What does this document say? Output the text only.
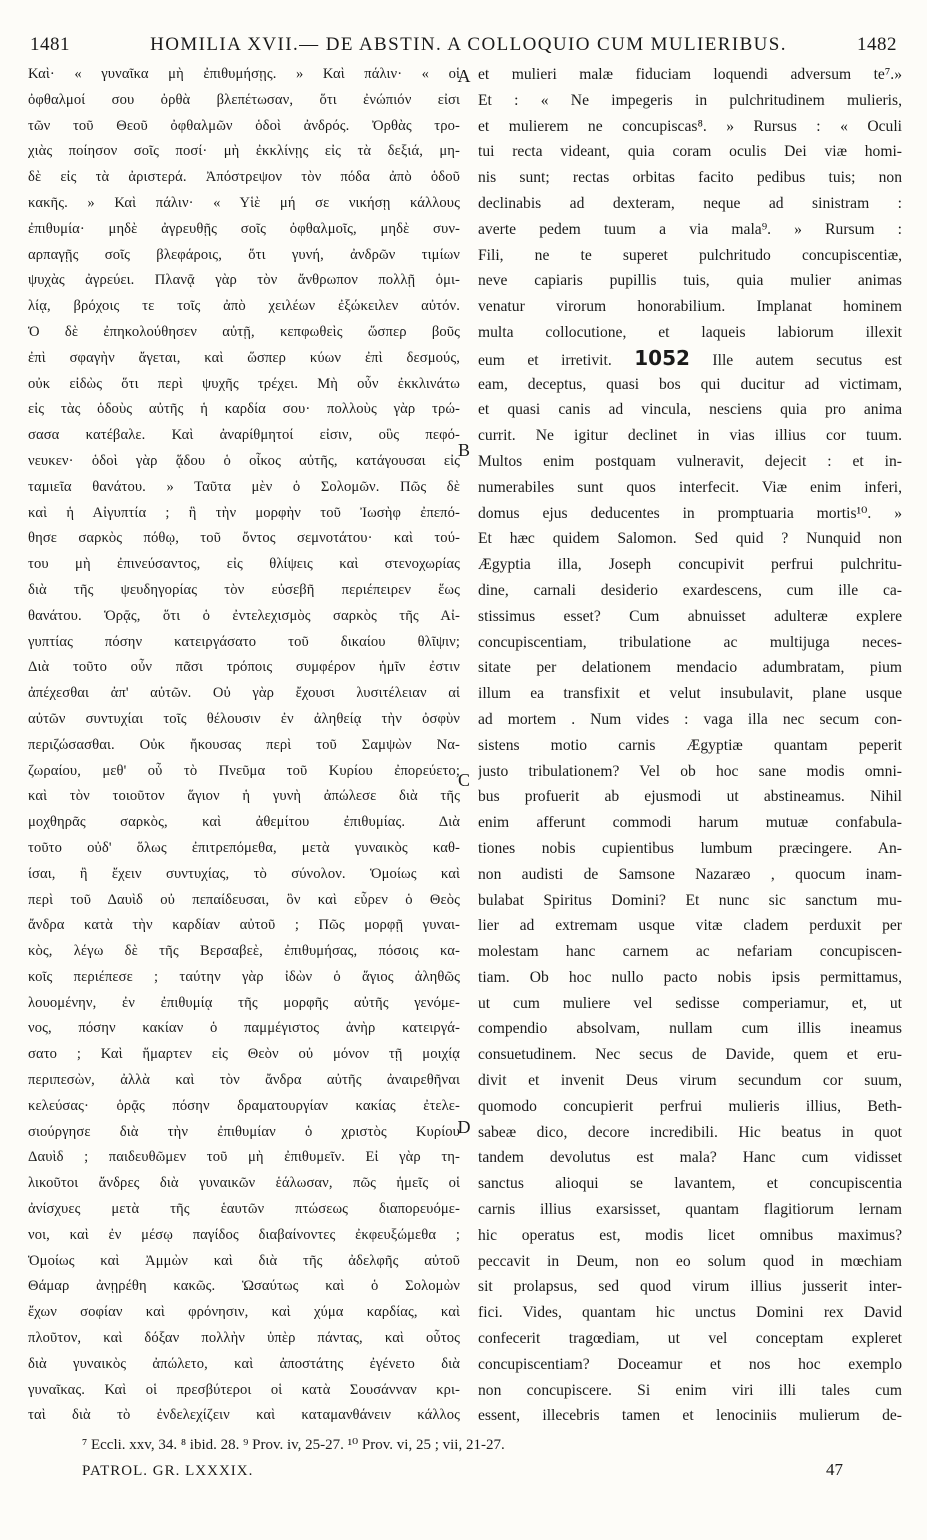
1481	HOMILIA XVII.— DE ABSTIN. A COLLOQUIO CUM MULIERIBUS.	1482
Καὶ· « γυναῖκα μὴ ἐπιθυμήσῃς. » Καὶ πάλιν· « οἱ
ὀφθαλμοί σου ὀρθὰ βλεπέτωσαν, ὅτι ἐνώπιόν εἰσι
τῶν τοῦ Θεοῦ ὀφθαλμῶν ὁδοὶ ἀνδρός. Ὀρθὰς τρο-
χιὰς ποίησον σοῖς ποσί· μὴ ἐκκλίνῃς εἰς τὰ δεξιά, μη-
δὲ εἰς τὰ ἀριστερά. Ἀπόστρεψον τὸν πόδα ἀπὸ ὁδοῦ
κακῆς. » Καὶ πάλιν· « Υἱὲ μή σε νικήσῃ κάλλους
ἐπιθυμία· μηδὲ ἀγρευθῇς σοῖς ὀφθαλμοῖς, μηδὲ συν-
αρπαγῇς σοῖς βλεφάροις, ὅτι γυνή, ἀνδρῶν τιμίων
ψυχὰς ἀγρεύει. Πλανᾷ γὰρ τὸν ἄνθρωπον πολλῇ ὁμι-
λίᾳ, βρόχοις τε τοῖς ἀπὸ χειλέων ἐξώκειλεν αὐτόν.
Ὁ δὲ ἐπηκολούθησεν αὐτῇ, κεπφωθεὶς ὥσπερ βοῦς
ἐπὶ σφαγὴν ἄγεται, καὶ ὥσπερ κύων ἐπὶ δεσμούς,
οὐκ εἰδὼς ὅτι περὶ ψυχῆς τρέχει. Μὴ οὖν ἐκκλινάτω
εἰς τὰς ὁδοὺς αὐτῆς ἡ καρδία σου· πολλοὺς γὰρ τρώ-
σασα κατέβαλε. Καὶ ἀναρίθμητοί εἰσιν, οὓς πεφό-
νευκεν· ὁδοὶ γὰρ ᾅδου ὁ οἶκος αὐτῆς, κατάγουσαι εἰς
ταμιεῖα θανάτου. » Ταῦτα μὲν ὁ Σολομῶν. Πῶς δὲ
καὶ ἡ Αἰγυπτία ; ἣ τὴν μορφὴν τοῦ Ἰωσὴφ ἐπεπό-
θησε σαρκὸς πόθῳ, τοῦ ὄντος σεμνοτάτου· καὶ τού-
του μὴ ἐπινεύσαντος, εἰς θλίψεις καὶ στενοχωρίας
διὰ τῆς ψευδηγορίας τὸν εὐσεβῆ περιέπειρεν ἕως
θανάτου. Ὁρᾷς, ὅτι ὁ ἐντελεχισμὸς σαρκὸς τῆς Αἰ-
γυπτίας πόσην κατειργάσατο τοῦ δικαίου θλῖψιν;
Διὰ τοῦτο οὖν πᾶσι τρόποις συμφέρον ἡμῖν ἐστιν
ἀπέχεσθαι ἀπ' αὐτῶν. Οὐ γὰρ ἔχουσι λυσιτέλειαν αἱ
αὐτῶν συντυχίαι τοῖς θέλουσιν ἐν ἀληθείᾳ τὴν ὀσφὺν
περιζώσασθαι. Οὐκ ἤκουσας περὶ τοῦ Σαμψὼν Να-
ζωραίου, μεθ' οὗ τὸ Πνεῦμα τοῦ Κυρίου ἐπορεύετο;
καὶ τὸν τοιοῦτον ἅγιον ἡ γυνὴ ἀπώλεσε διὰ τῆς
μοχθηρᾶς σαρκὸς, καὶ ἀθεμίτου ἐπιθυμίας. Διὰ
τοῦτο οὐδ' ὅλως ἐπιτρεπόμεθα, μετὰ γυναικὸς καθ-
ίσαι, ἢ ἔχειν συντυχίας, τὸ σύνολον. Ὁμοίως καὶ
περὶ τοῦ Δαυὶδ οὐ πεπαίδευσαι, ὃν καὶ εὗρεν ὁ Θεὸς
ἄνδρα κατὰ τὴν καρδίαν αὐτοῦ ; Πῶς μορφῇ γυναι-
κὸς, λέγω δὲ τῆς Βερσαβεὲ, ἐπιθυμήσας, πόσοις κα-
κοῖς περιέπεσε ; ταύτην γὰρ ἰδὼν ὁ ἅγιος ἀληθῶς
λουομένην, ἐν ἐπιθυμίᾳ τῆς μορφῆς αὐτῆς γενόμε-
νος, πόσην κακίαν ὁ παμμέγιστος ἀνὴρ κατειργά-
σατο ; Καὶ ἥμαρτεν εἰς Θεὸν οὐ μόνον τῇ μοιχίᾳ
περιπεσὼν, ἀλλὰ καὶ τὸν ἄνδρα αὐτῆς ἀναιρεθῆναι
κελεύσας· ὁρᾷς πόσην δραματουργίαν κακίας ἐτελε-
σιούργησε διὰ τὴν ἐπιθυμίαν ὁ χριστὸς Κυρίου
Δαυὶδ ; παιδευθῶμεν τοῦ μὴ ἐπιθυμεῖν. Εἰ γὰρ τη-
λικοῦτοι ἄνδρες διὰ γυναικῶν ἑάλωσαν, πῶς ἡμεῖς οἱ
ἀνίσχυες μετὰ τῆς ἑαυτῶν πτώσεως διαπορευόμε-
νοι, καὶ ἐν μέσῳ παγίδος διαβαίνοντες ἐκφευξώμεθα ;
Ὁμοίως καὶ Ἀμμὼν καὶ διὰ τῆς ἀδελφῆς αὐτοῦ
Θάμαρ ἀνῃρέθη κακῶς. Ὡσαύτως καὶ ὁ Σολομὼν
ἔχων σοφίαν καὶ φρόνησιν, καὶ χύμα καρδίας, καὶ
πλοῦτον, καὶ δόξαν πολλὴν ὑπὲρ πάντας, καὶ οὗτος
διὰ γυναικὸς ἀπώλετο, καὶ ἀποστάτης ἐγένετο διὰ
γυναῖκας. Καὶ οἱ πρεσβύτεροι οἱ κατὰ Σουσάνναν κρι-
ταὶ διὰ τὸ ἐνδελεχίζειν καὶ καταμανθάνειν κάλλος
et mulieri malæ fiduciam loquendi adversum te⁷.»
Et : « Ne impegeris in pulchritudinem mulieris,
et mulierem ne concupiscas⁸. » Rursus : « Oculi
tui recta videant, quia coram oculis Dei viæ homi-
nis sunt; rectas orbitas facito pedibus tuis; non
declinabis ad dexteram, neque ad sinistram :
averte pedem tuum a via mala⁹. » Rursum :
Fili, ne te superet pulchritudo concupiscentiæ,
neve capiaris pupillis tuis, quia mulier animas
venatur virorum honorabilium. Implanat hominem
multa collocutione, et laqueis labiorum illexit
eum et irretivit. 1052 Ille autem secutus est
eam, deceptus, quasi bos qui ducitur ad victimam,
et quasi canis ad vincula, nesciens quia pro anima
currit. Ne igitur declinet in vias illius cor tuum.
Multos enim postquam vulneravit, dejecit : et in-
numerabiles sunt quos interfecit. Viæ enim inferi,
domus ejus deducentes in promptuaria mortis¹⁰. »
Et hæc quidem Salomon. Sed quid ? Nunquid non
Ægyptia illa, Joseph concupivit perfrui pulchritu-
dine, carnali desiderio exardescens, cum ille ca-
stissimus esset? Cum abnuisset adulteræ explere
concupiscentiam, tribulatione ac multijuga neces-
sitate per delationem mendacio adumbratam, pium
illum ea transfixit et velut insubulavit, plane usque
ad mortem . Num vides : vaga illa nec secum con-
sistens motio carnis Ægyptiæ quantam peperit
justo tribulationem? Vel ob hoc sane modis omni-
bus profuerit ab ejusmodi ut abstineamus. Nihil
enim afferunt commodi harum mutuæ confabula-
tiones nobis cupientibus lumbum præcingere. An-
non audisti de Samsone Nazaræo , quocum inam-
bulabat Spiritus Domini? Et nunc sic sanctum mu-
lier ad extremam usque vitæ cladem perduxit per
molestam hanc carnem ac nefariam concupiscen-
tiam. Ob hoc nullo pacto nobis ipsis permittamus,
ut cum muliere vel sedisse comperiamur, et, ut
compendio absolvam, nullam cum illis ineamus
consuetudinem. Nec secus de Davide, quem et eru-
divit et invenit Deus virum secundum cor suum,
quomodo concupierit perfrui mulieris illius, Beth-
sabeæ dico, decore incredibili. Hic beatus in quot
tandem devolutus est mala? Hanc cum vidisset
sanctus alioqui se lavantem, et concupiscentia
carnis illius exarsisset, quantam flagitiorum lernam
hic operatus est, modis licet omnibus maximus?
peccavit in Deum, non eo solum quod in mœchiam
sit prolapsus, sed quod virum illius jusserit inter-
fici. Vides, quantam hic unctus Domini rex David
confecerit tragœdiam, ut vel conceptam expleret
concupiscentiam? Doceamur et nos hoc exemplo
non concupiscere. Si enim viri illi tales cum
essent, illecebris tamen et lenociniis mulierum de-
A
B
C
D
⁷ Eccli. xxv, 34. ⁸ ibid. 28. ⁹ Prov. iv, 25-27. ¹⁰ Prov. vi, 25 ; vii, 21-27.
PATROL. GR. LXXXIX.	47
